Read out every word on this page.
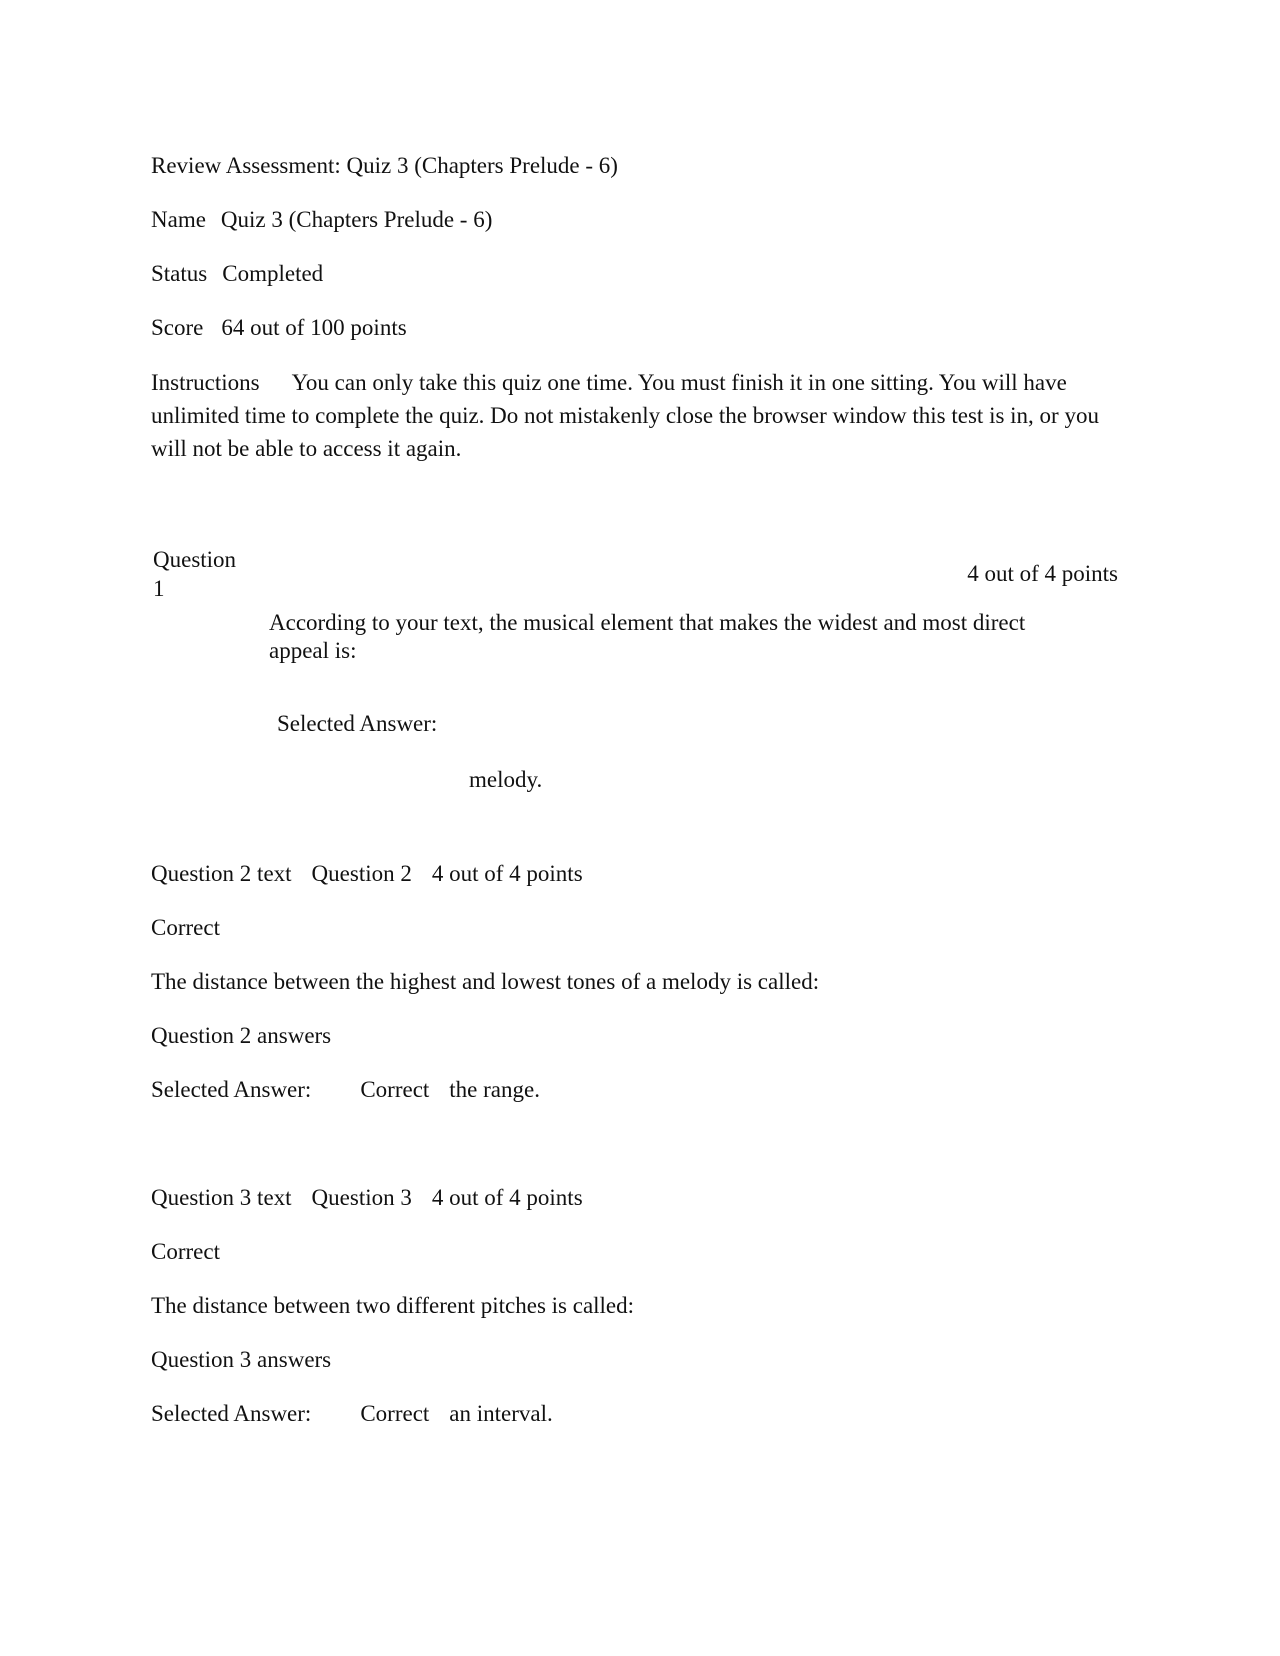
Review Assessment: Quiz 3 (Chapters Prelude - 6)
Name Quiz 3 (Chapters Prelude - 6)
Status Completed
Score 64 out of 100 points
Instructions You can only take this quiz one time. You must finish it in one sitting. You will have unlimited time to complete the quiz. Do not mistakenly close the browser window this test is in, or you will not be able to access it again.
Question
1
4 out of 4 points
According to your text, the musical element that makes the widest and most direct
appeal is:
Selected Answer:
melody.
Question 2 text Question 2 4 out of 4 points
Correct
The distance between the highest and lowest tones of a melody is called:
Question 2 answers
Selected Answer: Correct the range.
Question 3 text Question 3 4 out of 4 points
Correct
The distance between two different pitches is called:
Question 3 answers
Selected Answer: Correct an interval.
